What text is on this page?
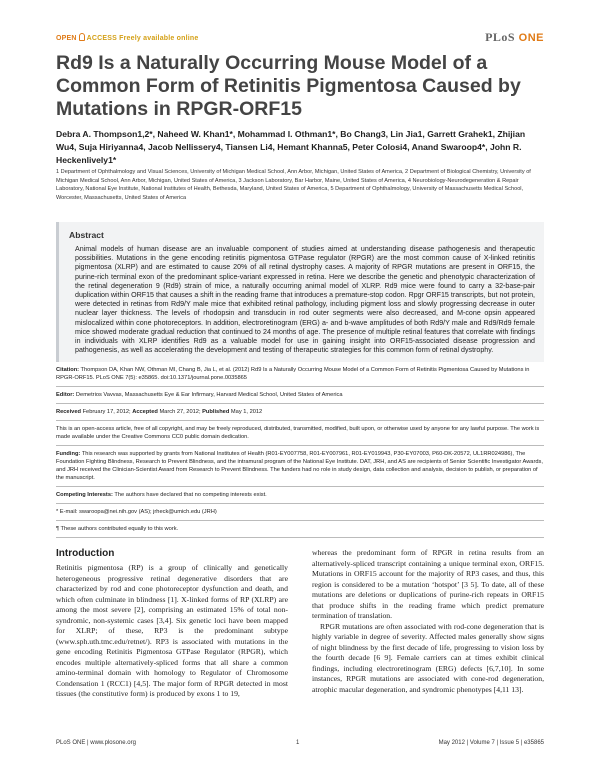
OPEN ACCESS Freely available online	PLoS ONE
Rd9 Is a Naturally Occurring Mouse Model of a Common Form of Retinitis Pigmentosa Caused by Mutations in RPGR-ORF15
Debra A. Thompson1,2*, Naheed W. Khan1*, Mohammad I. Othman1*, Bo Chang3, Lin Jia1, Garrett Grahek1, Zhijian Wu4, Suja Hiriyanna4, Jacob Nellissery4, Tiansen Li4, Hemant Khanna5, Peter Colosi4, Anand Swaroop4*, John R. Heckenlively1*
1 Department of Ophthalmology and Visual Sciences, University of Michigan Medical School, Ann Arbor, Michigan, United States of America, 2 Department of Biological Chemistry, University of Michigan Medical School, Ann Arbor, Michigan, United States of America, 3 Jackson Laboratory, Bar Harbor, Maine, United States of America, 4 Neurobiology-Neurodegeneration & Repair Laboratory, National Eye Institute, National Institutes of Health, Bethesda, Maryland, United States of America, 5 Department of Ophthalmology, University of Massachusetts Medical School, Worcester, Massachusetts, United States of America
Abstract
Animal models of human disease are an invaluable component of studies aimed at understanding disease pathogenesis and therapeutic possibilities. Mutations in the gene encoding retinitis pigmentosa GTPase regulator (RPGR) are the most common cause of X-linked retinitis pigmentosa (XLRP) and are estimated to cause 20% of all retinal dystrophy cases. A majority of RPGR mutations are present in ORF15, the purine-rich terminal exon of the predominant splice-variant expressed in retina. Here we describe the genetic and phenotypic characterization of the retinal degeneration 9 (Rd9) strain of mice, a naturally occurring animal model of XLRP. Rd9 mice were found to carry a 32-base-pair duplication within ORF15 that causes a shift in the reading frame that introduces a premature-stop codon. Rpgr ORF15 transcripts, but not protein, were detected in retinas from Rd9/Y male mice that exhibited retinal pathology, including pigment loss and slowly progressing decrease in outer nuclear layer thickness. The levels of rhodopsin and transducin in rod outer segments were also decreased, and M-cone opsin appeared mislocalized within cone photoreceptors. In addition, electroretinogram (ERG) a- and b-wave amplitudes of both Rd9/Y male and Rd9/Rd9 female mice showed moderate gradual reduction that continued to 24 months of age. The presence of multiple retinal features that correlate with findings in individuals with XLRP identifies Rd9 as a valuable model for use in gaining insight into ORF15-associated disease progression and pathogenesis, as well as accelerating the development and testing of therapeutic strategies for this common form of retinal dystrophy.

Citation: Thompson DA, Khan NW, Othman MI, Chang B, Jia L, et al. (2012) Rd9 Is a Naturally Occurring Mouse Model of a Common Form of Retinitis Pigmentosa Caused by Mutations in RPGR-ORF15. PLoS ONE 7(5): e35865. doi:10.1371/journal.pone.0035865

Editor: Demetrios Vavvas, Massachusetts Eye & Ear Infirmary, Harvard Medical School, United States of America

Received February 17, 2012; Accepted March 27, 2012; Published May 1, 2012

This is an open-access article, free of all copyright, and may be freely reproduced, distributed, transmitted, modified, built upon, or otherwise used by anyone for any lawful purpose. The work is made available under the Creative Commons CC0 public domain dedication.

Funding: This research was supported by grants from National Institutes of Health (R01-EY007758, R01-EY007961, R01-EY019943, P30-EY07003, P60-DK-20572, UL1RR024986), The Foundation Fighting Blindness, Research to Prevent Blindness, and the intramural program of the National Eye Institute. DAT, JRH, and AS are recipients of Senior Scientific Investigator Awards, and JRH received the Clinician-Scientist Award from Research to Prevent Blindness. The funders had no role in study design, data collection and analysis, decision to publish, or preparation of the manuscript.

Competing Interests: The authors have declared that no competing interests exist.

* E-mail: swaroopa@nei.nih.gov (AS); jrheck@umich.edu (JRH)

¶ These authors contributed equally to this work.

Introduction

Retinitis pigmentosa (RP) is a group of clinically and genetically heterogeneous progressive retinal degenerative disorders that are characterized by rod and cone photoreceptor dysfunction and death, and which often culminate in blindness [1]. X-linked forms of RP (XLRP) are among the most severe [2], comprising an estimated 15% of total non-syndromic, non-systemic cases [3,4]. Six genetic loci have been mapped for XLRP; of these, RP3 is the predominant subtype (www.sph.uth.tmc.edu/retnet/). RP3 is associated with mutations in the gene encoding Retinitis Pigmentosa GTPase Regulator (RPGR), which encodes multiple alternatively-spliced forms that all share a common amino-terminal domain with homology to Regulator of Chromosome Condensation 1 (RCC1) [4,5]. The major form of RPGR detected in most tissues (the constitutive form) is produced by exons 1 to 19,

whereas the predominant form of RPGR in retina results from an alternatively-spliced transcript containing a unique terminal exon, ORF15. Mutations in ORF15 account for the majority of RP3 cases, and thus, this region is considered to be a mutation ‘hotspot’ [3 5]. To date, all of these mutations are deletions or duplications of purine-rich repeats in ORF15 that produce shifts in the reading frame which predict premature termination of translation.

RPGR mutations are often associated with rod-cone degeneration that is highly variable in degree of severity. Affected males generally show signs of night blindness by the first decade of life, progressing to vision loss by the fourth decade [6 9]. Female carriers can at times exhibit clinical findings, including electroretinogram (ERG) defects [6,7,10]. In some instances, RPGR mutations are associated with cone-rod degeneration, atrophic macular degeneration, and syndromic phenotypes [4,11 13].

PLoS ONE | www.plosone.org	1	May 2012 | Volume 7 | Issue 5 | e35865
